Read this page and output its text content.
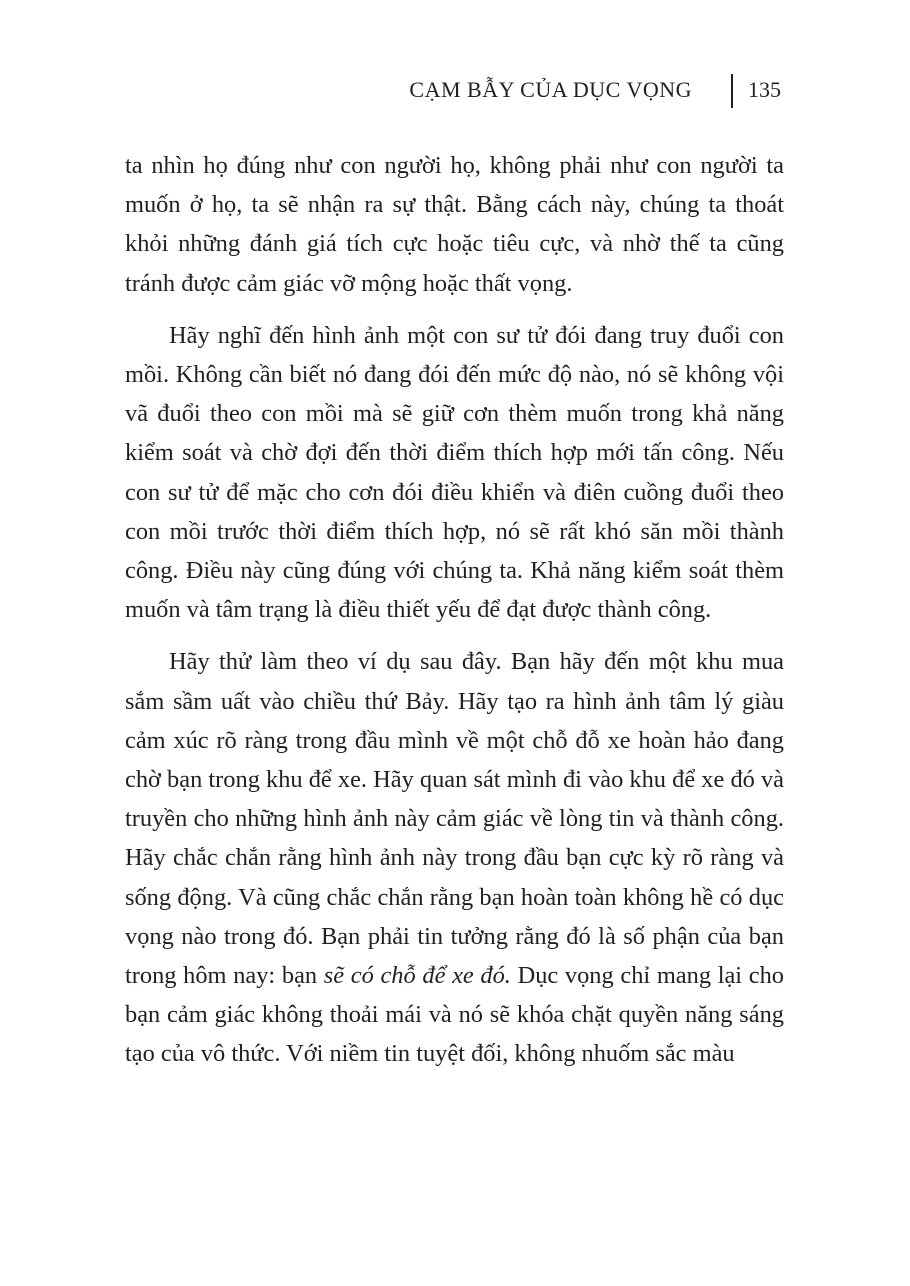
CẠM BẪY CỦA DỤC VỌNG	135

ta nhìn họ đúng như con người họ, không phải như con người ta muốn ở họ, ta sẽ nhận ra sự thật. Bằng cách này, chúng ta thoát khỏi những đánh giá tích cực hoặc tiêu cực, và nhờ thế ta cũng tránh được cảm giác vỡ mộng hoặc thất vọng.

Hãy nghĩ đến hình ảnh một con sư tử đói đang truy đuổi con mồi. Không cần biết nó đang đói đến mức độ nào, nó sẽ không vội vã đuổi theo con mồi mà sẽ giữ cơn thèm muốn trong khả năng kiểm soát và chờ đợi đến thời điểm thích hợp mới tấn công. Nếu con sư tử để mặc cho cơn đói điều khiển và điên cuồng đuổi theo con mồi trước thời điểm thích hợp, nó sẽ rất khó săn mồi thành công. Điều này cũng đúng với chúng ta. Khả năng kiểm soát thèm muốn và tâm trạng là điều thiết yếu để đạt được thành công.

Hãy thử làm theo ví dụ sau đây. Bạn hãy đến một khu mua sắm sầm uất vào chiều thứ Bảy. Hãy tạo ra hình ảnh tâm lý giàu cảm xúc rõ ràng trong đầu mình về một chỗ đỗ xe hoàn hảo đang chờ bạn trong khu để xe. Hãy quan sát mình đi vào khu để xe đó và truyền cho những hình ảnh này cảm giác về lòng tin và thành công. Hãy chắc chắn rằng hình ảnh này trong đầu bạn cực kỳ rõ ràng và sống động. Và cũng chắc chắn rằng bạn hoàn toàn không hề có dục vọng nào trong đó. Bạn phải tin tưởng rằng đó là số phận của bạn trong hôm nay: bạn sẽ có chỗ để xe đó. Dục vọng chỉ mang lại cho bạn cảm giác không thoải mái và nó sẽ khóa chặt quyền năng sáng tạo của vô thức. Với niềm tin tuyệt đối, không nhuốm sắc màu
